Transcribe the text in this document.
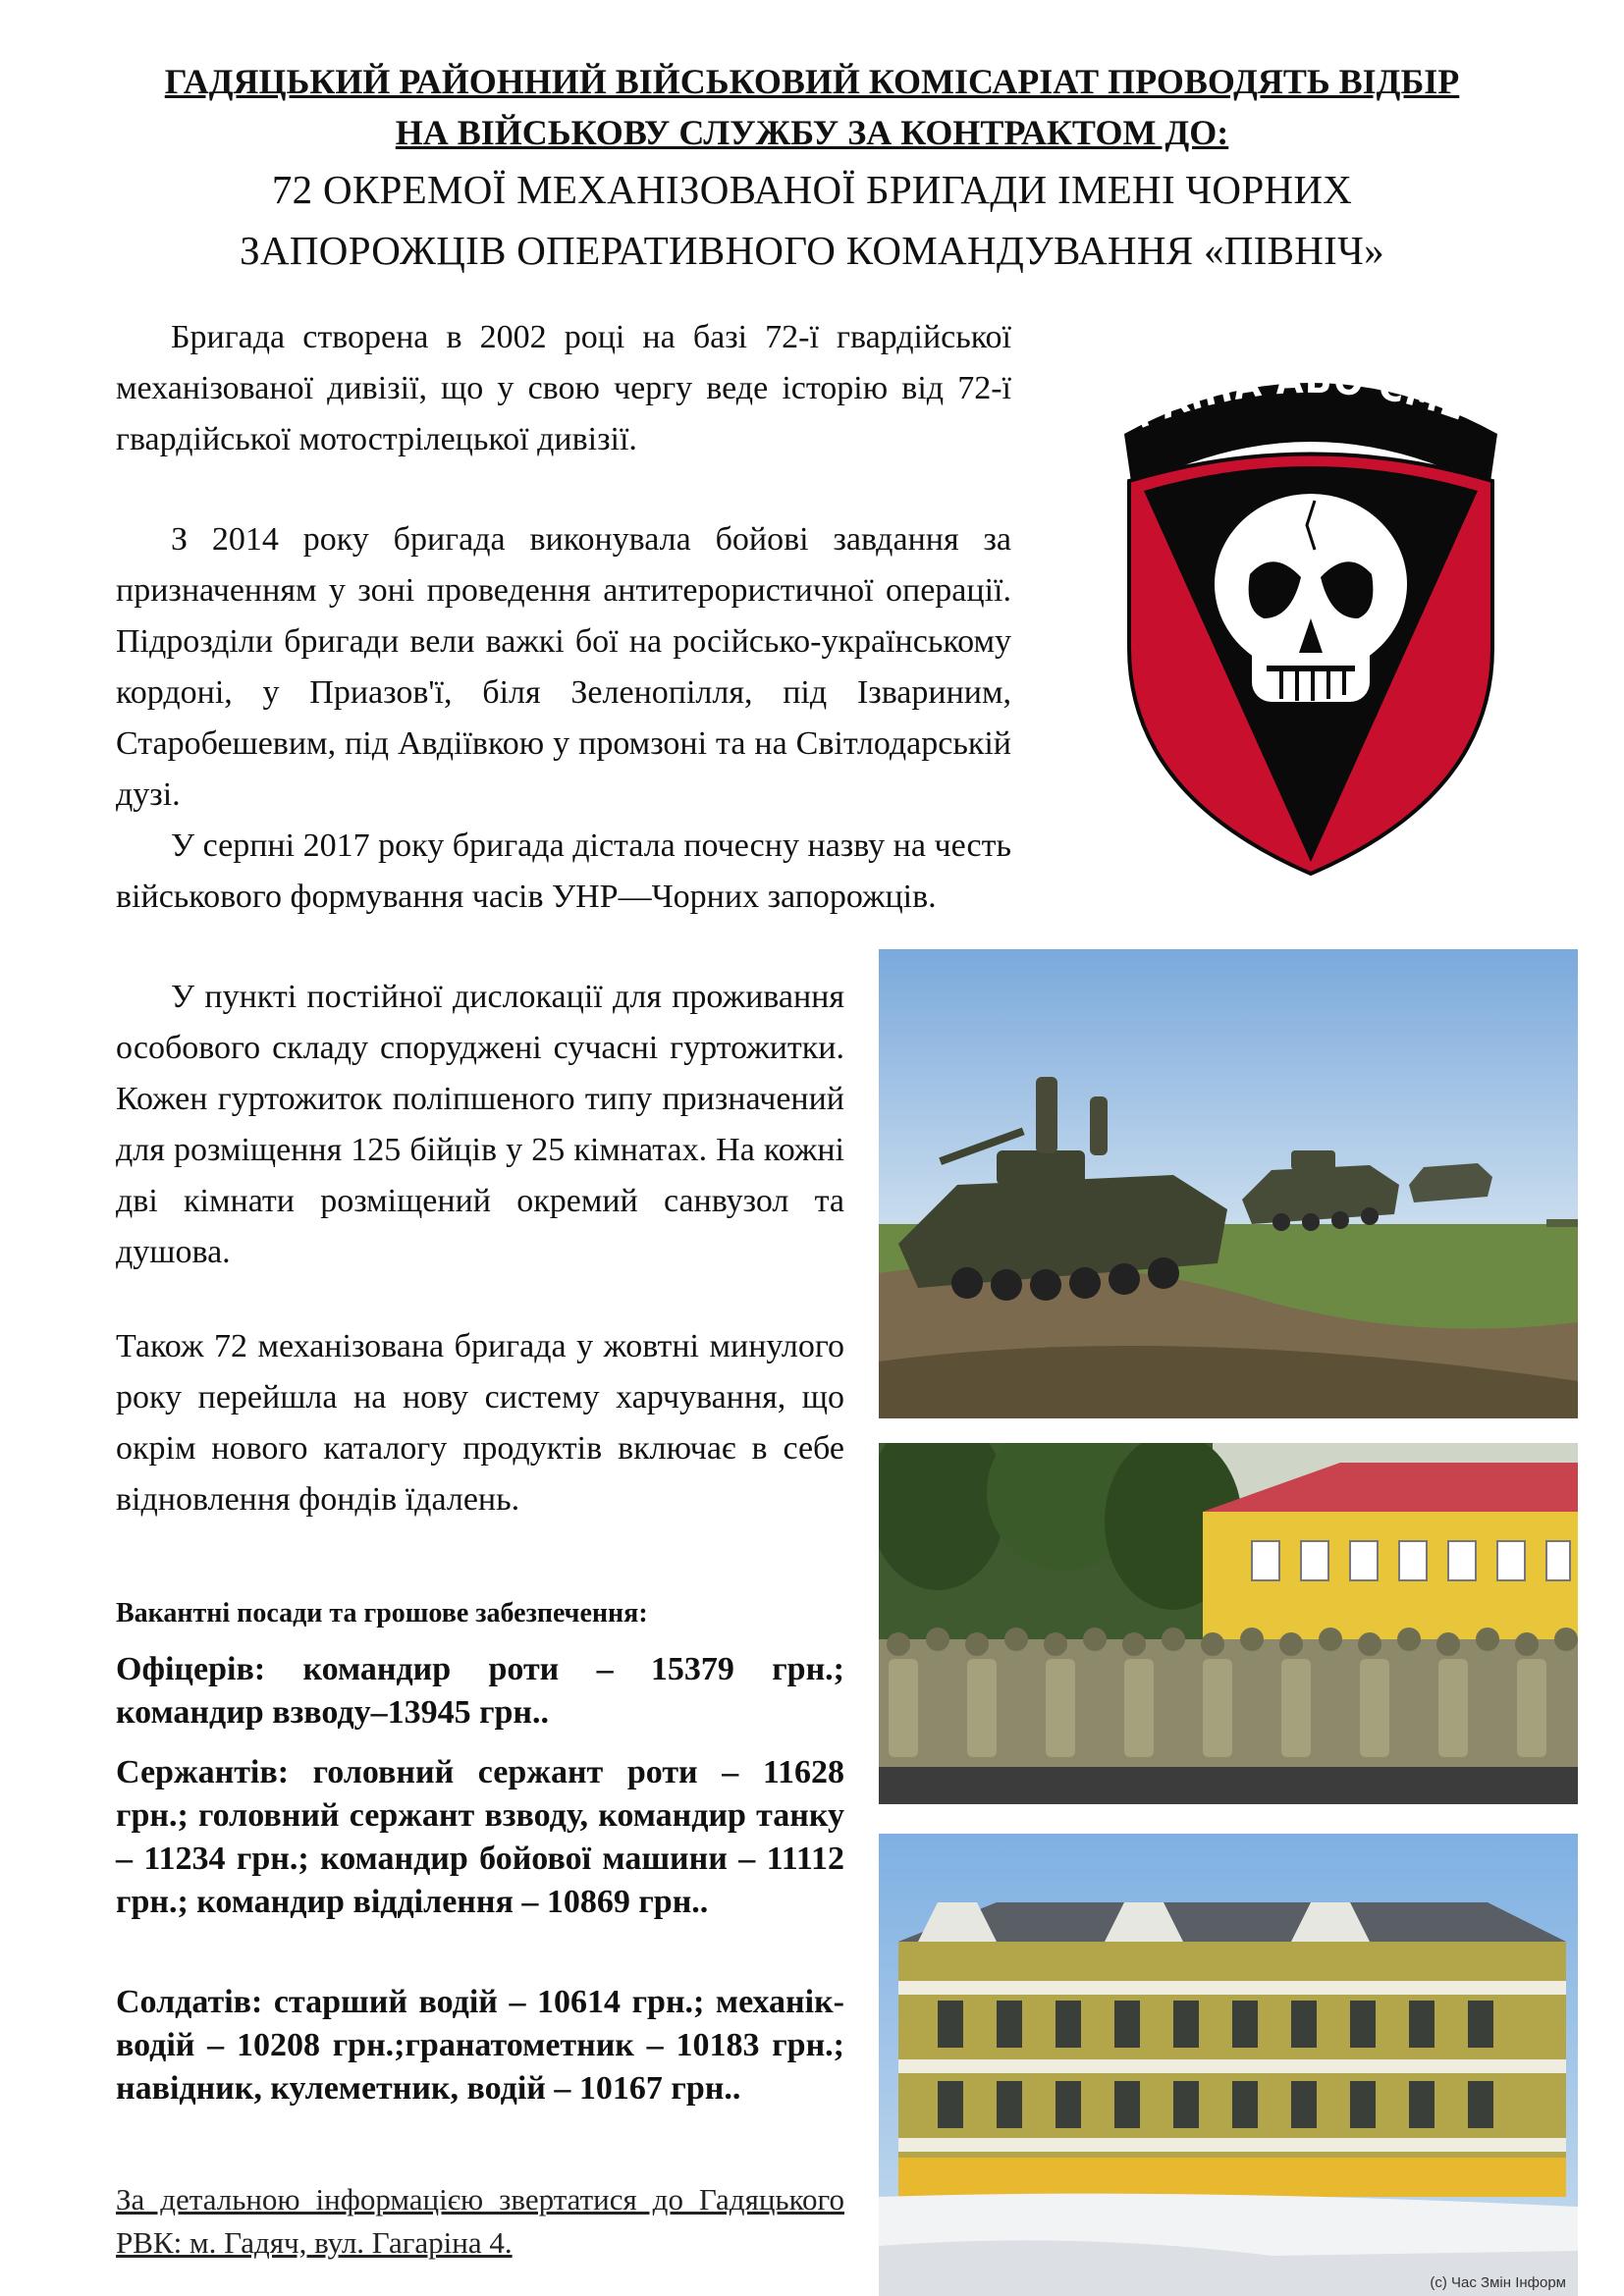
ГАДЯЦЬКИЙ РАЙОННИЙ ВІЙСЬКОВИЙ КОМІСАРІАТ ПРОВОДЯТЬ ВІДБІР

НА ВІЙСЬКОВУ СЛУЖБУ ЗА КОНТРАКТОМ ДО:

72 ОКРЕМОЇ МЕХАНІЗОВАНОЇ БРИГАДИ ІМЕНІ ЧОРНИХ

ЗАПОРОЖЦІВ ОПЕРАТИВНОГО КОМАНДУВАННЯ «ПІВНІЧ»

Бригада створена в 2002 році на базі 72-ї гвардійської механізованої дивізії, що у свою чергу веде історію від 72-ї гвардійської мотострілецької дивізії.

З 2014 року бригада виконувала бойові завдання за призначенням у зоні проведення антитерористичної операції. Підрозділи бригади вели важкі бої на російсько-українському кордоні, у Приазов'ї, біля Зеленопілля, під Ізвариним, Старобешевим, під Авдіївкою у промзоні та на Світлодарській дузі.

У серпні 2017 року бригада дістала почесну назву на честь військового формування часів УНР—Чорних запорожців.

У пункті постійної дислокації для проживання особового складу споруджені сучасні гуртожитки. Кожен гуртожиток поліпшеного типу призначений для розміщення 125 бійців у 25 кімнатах. На кожні дві кімнати розміщений окремий санвузол та душова.

Також 72 механізована бригада у жовтні минулого року перейшла на нову систему харчування, що окрім нового каталогу продуктів включає в себе відновлення фондів їдалень.

Вакантні посади та грошове забезпечення:

Офіцерів: командир роти – 15379 грн.; командир взводу–13945 грн..

Сержантів: головний сержант роти – 11628 грн.; головний сержант взводу, командир танку – 11234 грн.; командир бойової машини – 11112 грн.; командир відділення – 10869 грн..

Солдатів: старший водій – 10614 грн.; механік-водій – 10208 грн.;гранатометник – 10183 грн.; навідник, кулеметник, водій – 10167 грн..

За детальною інформацією звертатися до Гадяцького РВК: м. Гадяч, вул. Гагаріна 4.

РАЇНА АБО СМЕ
(c) Час Змін Інформ
